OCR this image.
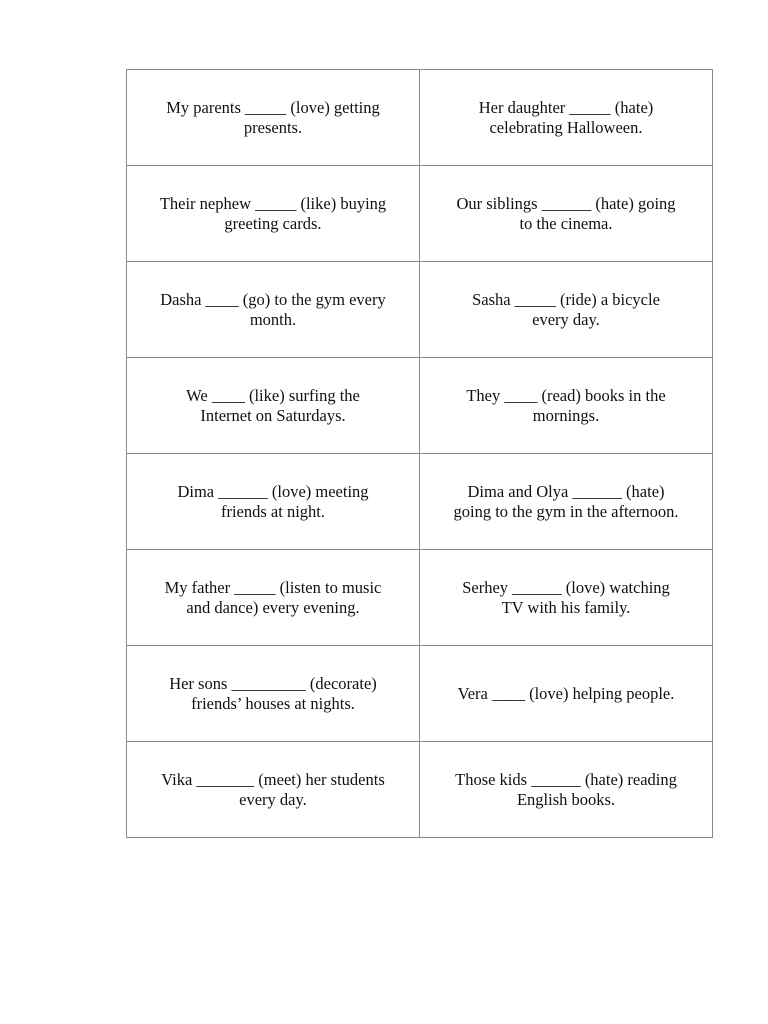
My parents _____ (love) getting
presents.	Her daughter _____ (hate)
celebrating Halloween.
Their nephew _____ (like) buying
greeting cards.	Our siblings ______ (hate) going
to the cinema.
Dasha ____ (go) to the gym every
month.	Sasha _____ (ride) a bicycle
every day.
We ____ (like) surfing the
Internet on Saturdays.	They ____ (read) books in the
mornings.
Dima ______ (love) meeting
friends at night.	Dima and Olya ______ (hate)
going to the gym in the afternoon.
My father _____ (listen to music
and dance) every evening.	Serhey ______ (love) watching
TV with his family.
Her sons _________ (decorate)
friends’ houses at nights.	Vera ____ (love) helping people.
Vika _______ (meet) her students
every day.	Those kids ______ (hate) reading
English books.
